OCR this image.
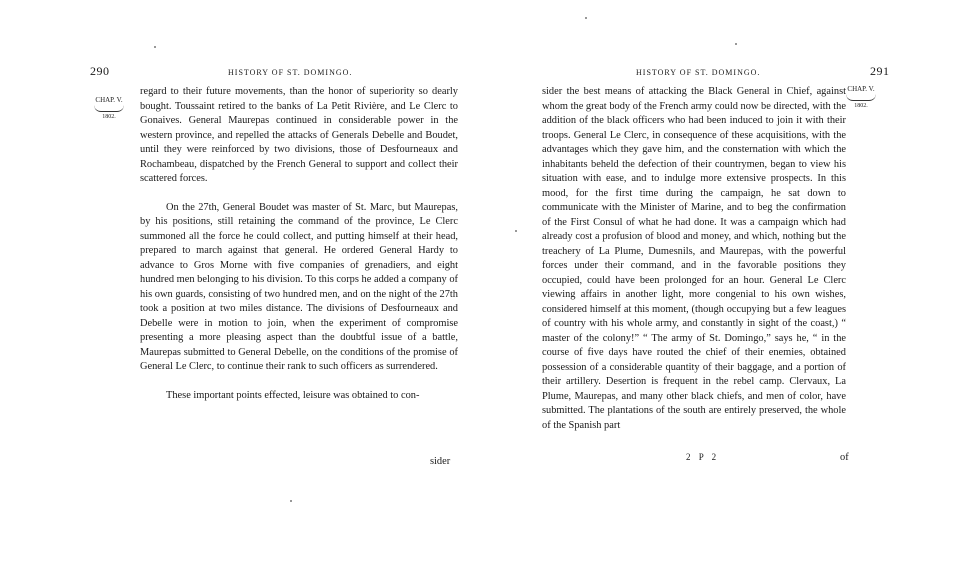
290	HISTORY OF ST. DOMINGO.
CHAP. V.
1802.

regard to their future movements, than the honor of superiority so dearly bought. Toussaint retired to the banks of La Petit Rivière, and Le Clerc to Gonaives. General Maurepas continued in considerable power in the western province, and repelled the attacks of Generals Debelle and Boudet, until they were reinforced by two divisions, those of Desfourneaux and Rochambeau, dispatched by the French General to support and collect their scattered forces.

On the 27th, General Boudet was master of St. Marc, but Maurepas, by his positions, still retaining the command of the province, Le Clerc summoned all the force he could collect, and putting himself at their head, prepared to march against that general. He ordered General Hardy to advance to Gros Morne with five companies of grenadiers, and eight hundred men belonging to his division. To this corps he added a company of his own guards, consisting of two hundred men, and on the night of the 27th took a position at two miles distance. The divisions of Desfourneaux and Debelle were in motion to join, when the experiment of compromise presenting a more pleasing aspect than the doubtful issue of a battle, Maurepas submitted to General Debelle, on the conditions of the promise of General Le Clerc, to continue their rank to such officers as surrendered.

These important points effected, leisure was obtained to con-

sider
HISTORY OF ST. DOMINGO.	291
CHAP. V.
1802.

sider the best means of attacking the Black General in Chief, against whom the great body of the French army could now be directed, with the addition of the black officers who had been induced to join it with their troops. General Le Clerc, in consequence of these acquisitions, with the advantages which they gave him, and the consternation with which the inhabitants beheld the defection of their countrymen, began to view his situation with ease, and to indulge more extensive prospects. In this mood, for the first time during the campaign, he sat down to communicate with the Minister of Marine, and to beg the confirmation of the First Consul of what he had done. It was a campaign which had already cost a profusion of blood and money, and which, nothing but the treachery of La Plume, Dumesnils, and Maurepas, with the powerful forces under their command, and in the favorable positions they occupied, could have been prolonged for an hour. General Le Clerc viewing affairs in another light, more congenial to his own wishes, considered himself at this moment, (though occupying but a few leagues of country with his whole army, and constantly in sight of the coast,) “ master of the colony!” “ The army of St. Domingo,” says he, “ in the course of five days have routed the chief of their enemies, obtained possession of a considerable quantity of their baggage, and a portion of their artillery. Desertion is frequent in the rebel camp. Clervaux, La Plume, Maurepas, and many other black chiefs, and men of color, have submitted. The plantations of the south are entirely preserved, the whole of the Spanish part

2 P 2	of
